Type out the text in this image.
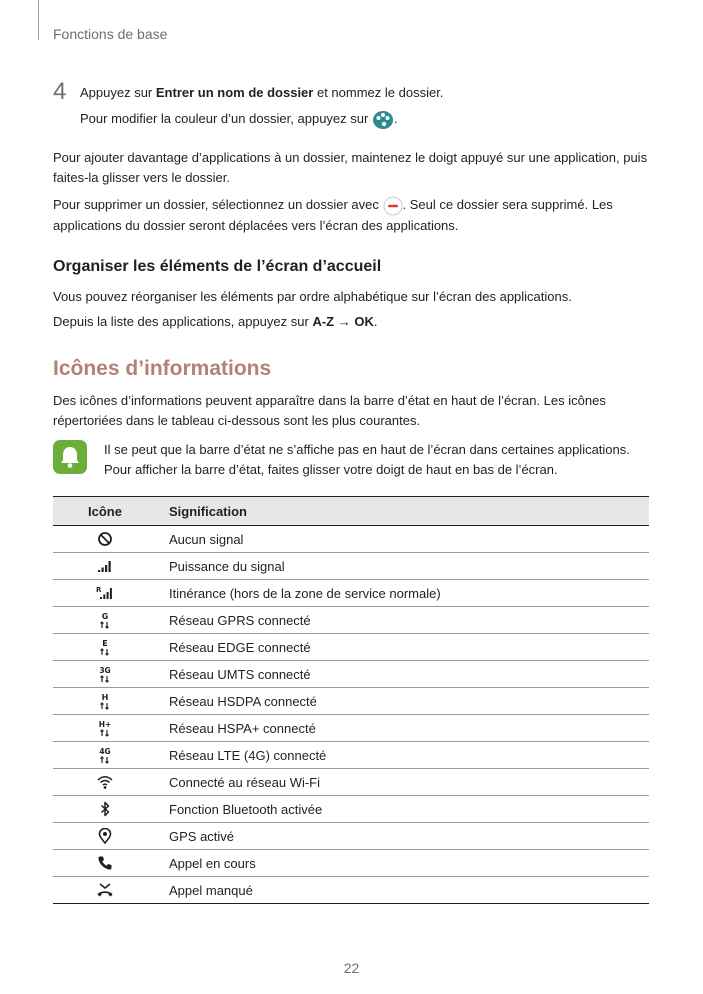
Fonctions de base
4 Appuyez sur Entrer un nom de dossier et nommez le dossier.
Pour modifier la couleur d’un dossier, appuyez sur
.
Pour ajouter davantage d’applications à un dossier, maintenez le doigt appuyé sur une application, puis faites-la glisser vers le dossier.
Pour supprimer un dossier, sélectionnez un dossier avec
. Seul ce dossier sera supprimé. Les applications du dossier seront déplacées vers l’écran des applications.
Organiser les éléments de l’écran d’accueil
Vous pouvez réorganiser les éléments par ordre alphabétique sur l’écran des applications.
Depuis la liste des applications, appuyez sur A-Z → OK.
Icônes d’informations
Des icônes d’informations peuvent apparaître dans la barre d’état en haut de l’écran. Les icônes répertoriées dans le tableau ci-dessous sont les plus courantes.
Il se peut que la barre d’état ne s’affiche pas en haut de l’écran dans certaines applications.
Pour afficher la barre d’état, faites glisser votre doigt de haut en bas de l’écran.
Icône	Signification

	Aucun signal

	Puissance du signal

R	Itinérance (hors de la zone de service normale)

G	Réseau GPRS connecté

E	Réseau EDGE connecté

3G	Réseau UMTS connecté

H	Réseau HSDPA connecté

H+	Réseau HSPA+ connecté

4G	Réseau LTE (4G) connecté

	Connecté au réseau Wi-Fi

	Fonction Bluetooth activée

	GPS activé

	Appel en cours

	Appel manqué
22
